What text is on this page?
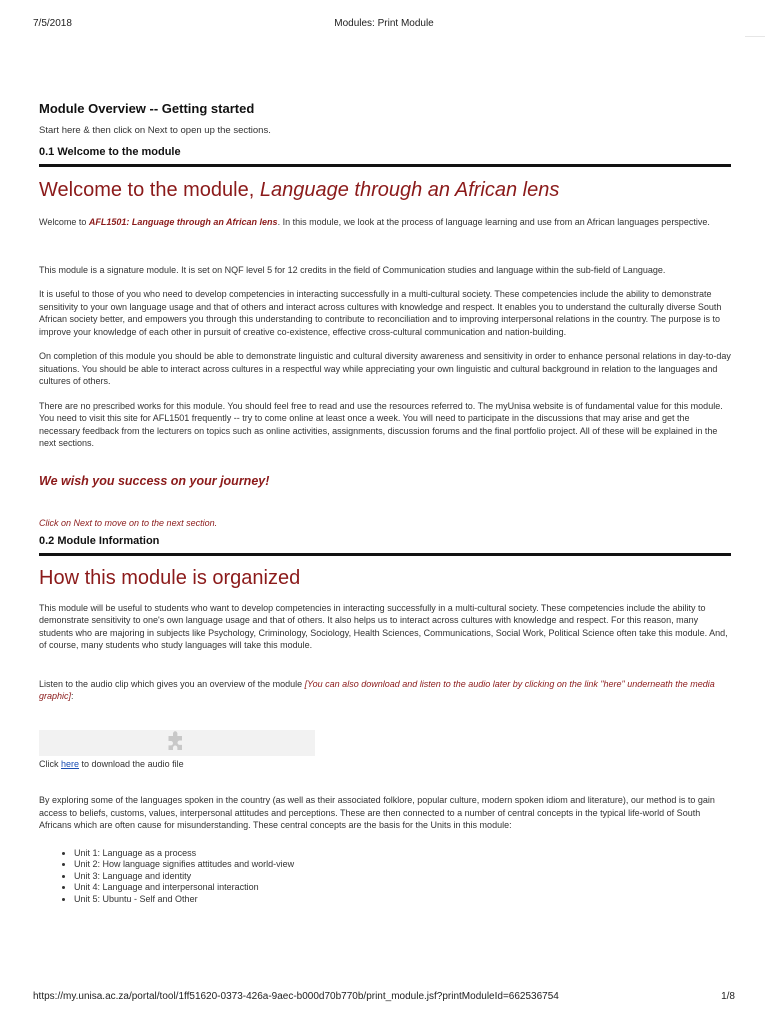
7/5/2018	Modules: Print Module
Module Overview -- Getting started

Start here & then click on Next to open up the sections.

0.1 Welcome to the module
Welcome to the module, Language through an African lens

Welcome to AFL1501: Language through an African lens. In this module, we look at the process of language learning and use from an African languages perspective.

This module is a signature module. It is set on NQF level 5 for 12 credits in the field of Communication studies and language within the sub-field of Language.

It is useful to those of you who need to develop competencies in interacting successfully in a multi-cultural society. These competencies include the ability to demonstrate sensitivity to your own language usage and that of others and interact across cultures with knowledge and respect. It enables you to understand the culturally diverse South African society better, and empowers you through this understanding to contribute to reconciliation and to improving interpersonal relations in the country. The purpose is to improve your knowledge of each other in pursuit of creative co-existence, effective cross-cultural communication and nation-building.

On completion of this module you should be able to demonstrate linguistic and cultural diversity awareness and sensitivity in order to enhance personal relations in day-to-day situations. You should be able to interact across cultures in a respectful way while appreciating your own linguistic and cultural background in relation to the languages and cultures of others.

There are no prescribed works for this module. You should feel free to read and use the resources referred to. The myUnisa website is of fundamental value for this module. You need to visit this site for AFL1501 frequently -- try to come online at least once a week. You will need to participate in the discussions that may arise and get the necessary feedback from the lecturers on topics such as online activities, assignments, discussion forums and the final portfolio project. All of these will be explained in the next sections.

We wish you success on your journey!

Click on Next to move on to the next section.

0.2 Module Information
How this module is organized

This module will be useful to students who want to develop competencies in interacting successfully in a multi-cultural society. These competencies include the ability to demonstrate sensitivity to one's own language usage and that of others. It also helps us to interact across cultures with knowledge and respect. For this reason, many students who are majoring in subjects like Psychology, Criminology, Sociology, Health Sciences, Communications, Social Work, Political Science often take this module. And, of course, many students who study languages will take this module.

Listen to the audio clip which gives you an overview of the module [You can also download and listen to the audio later by clicking on the link "here" underneath the media graphic]:

Click here to download the audio file

By exploring some of the languages spoken in the country (as well as their associated folklore, popular culture, modern spoken idiom and literature), our method is to gain access to beliefs, customs, values, interpersonal attitudes and perceptions. These are then connected to a number of central concepts in the typical life-world of South Africans which are often cause for misunderstanding. These central concepts are the basis for the Units in this module:

• Unit 1: Language as a process
• Unit 2: How language signifies attitudes and world-view
• Unit 3: Language and identity
• Unit 4: Language and interpersonal interaction
• Unit 5: Ubuntu - Self and Other
https://my.unisa.ac.za/portal/tool/1ff51620-0373-426a-9aec-b000d70b770b/print_module.jsf?printModuleId=662536754	1/8
